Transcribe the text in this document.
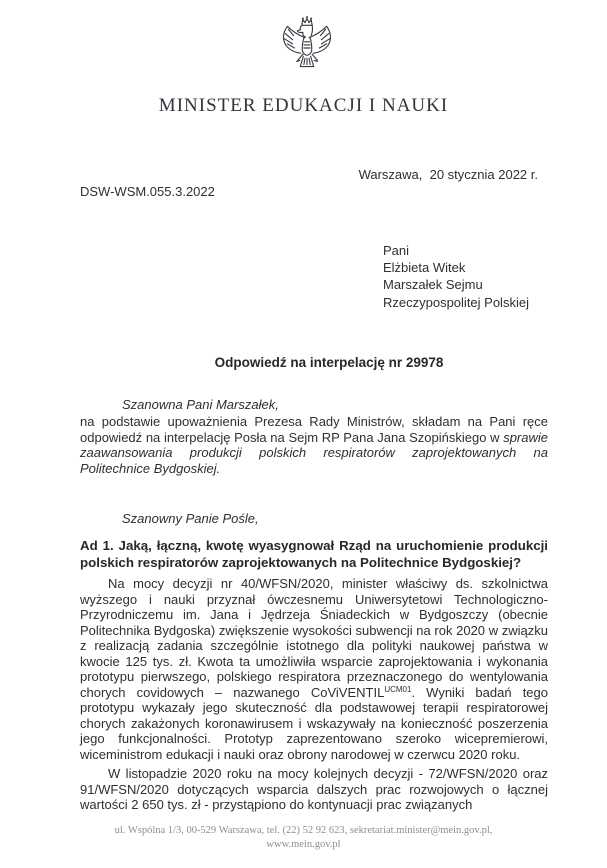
MINISTER EDUKACJI I NAUKI
Warszawa,  20 stycznia 2022 r.
DSW-WSM.055.3.2022
Pani
Elżbieta Witek
Marszałek Sejmu
Rzeczypospolitej Polskiej
Odpowiedź na interpelację nr 29978
Szanowna Pani Marszałek,

na podstawie upoważnienia Prezesa Rady Ministrów, składam na Pani ręce odpowiedź na interpelację Posła na Sejm RP Pana Jana Szopińskiego w sprawie zaawansowania produkcji polskich respiratorów zaprojektowanych na Politechnice Bydgoskiej.

Szanowny Panie Pośle,

Ad 1. Jaką, łączną, kwotę wyasygnował Rząd na uruchomienie produkcji polskich respiratorów zaprojektowanych na Politechnice Bydgoskiej?

Na mocy decyzji nr 40/WFSN/2020, minister właściwy ds. szkolnictwa wyższego i nauki przyznał ówczesnemu Uniwersytetowi Technologiczno-Przyrodniczemu im. Jana i Jędrzeja Śniadeckich w Bydgoszczy (obecnie Politechnika Bydgoska) zwiększenie wysokości subwencji na rok 2020 w związku z realizacją zadania szczególnie istotnego dla polityki naukowej państwa w kwocie 125 tys. zł. Kwota ta umożliwiła wsparcie zaprojektowania i wykonania prototypu pierwszego, polskiego respiratora przeznaczonego do wentylowania chorych covidowych – nazwanego CoViVENTIL$^{UCM01}$. Wyniki badań tego prototypu wykazały jego skuteczność dla podstawowej terapii respiratorowej chorych zakażonych koronawirusem i wskazywały na konieczność poszerzenia jego funkcjonalności. Prototyp zaprezentowano szeroko wicepremierowi, wiceministrom edukacji i nauki oraz obrony narodowej w czerwcu 2020 roku.

W listopadzie 2020 roku na mocy kolejnych decyzji - 72/WFSN/2020 oraz 91/WFSN/2020 dotyczących wsparcia dalszych prac rozwojowych o łącznej wartości 2 650 tys. zł - przystąpiono do kontynuacji prac związanych

ul. Wspólna 1/3, 00-529 Warszawa, tel. (22) 52 92 623, sekretariat.minister@mein.gov.pl,
www.mein.gov.pl
